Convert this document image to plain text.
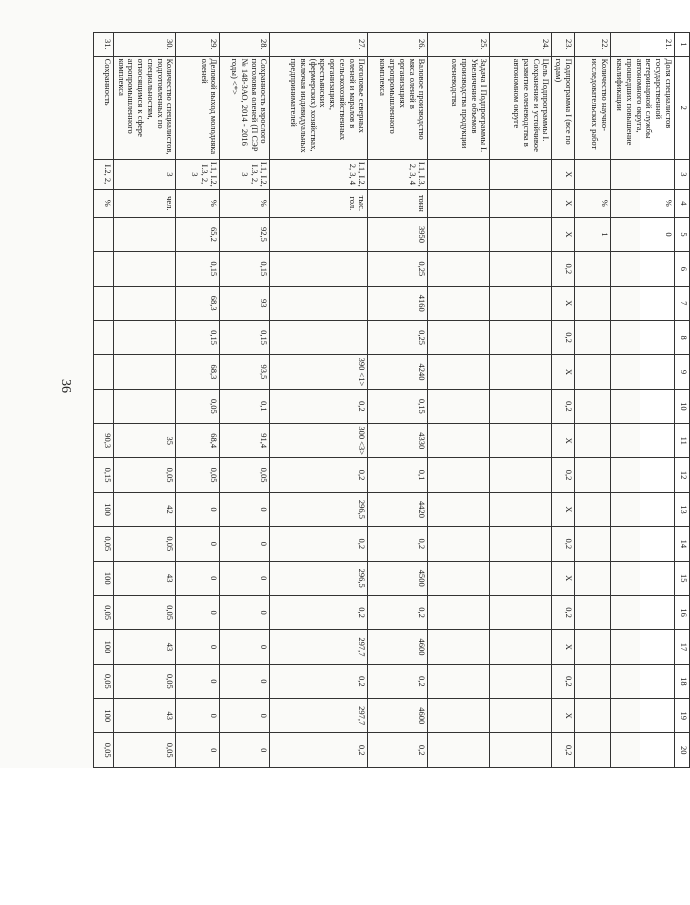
36
1	2	3	4	5	6	7	8	9	10	11	12	13	14	15	16	17	18	19	20
21.	Доля специалистов государственной ветеринарной службы автономного округа, прошедших повышение квалификации		%	0															
22.	Количество научно-исследовательских работ		%	1															
23.	Подпрограмма I (все по годам)	X	X	X	0,2	X	0,2	X	0,2	X	0,2	X	0,2	X	0,2	X	0,2	X	0,2
24.	Цель Подпрограммы I. Сохранение и устойчивое развитие оленеводства в автономном округе																		
25.	Задача I Подпрограммы I. Увеличение объемов производства продукции оленеводства																		
26.	Валовое производство мяса оленей в организациях агропромышленного комплекса	I.1, I.3, 2, 3, 4	тонн	3950	0,25	4160	0,25	4240	0,15	4330	0,1	4420	0,2	4500	0,2	4600	0,2	4600	0,2
27.	Поголовье северных оленей и маралов в сельскохозяйственных организациях, крестьянских (фермерских) хозяйствах, включая индивидуальных предпринимателей	I.1, I.2, 2, 3, 4	тыс. гол.					390 <1>	0,2	300 <3>	0,2	296,5	0,2	296,5	0,2	297,7	0,2	297,7	0,2
28.	Сохранность взрослого поголовья оленей (П СЭР № 148-ЗАО, 2014 - 2016 годы) <*>	I.1, I.2, I.3, 2, 3	%	92,5	0,15	93	0,15	93,5	0,1	91,4	0,05	0	0	0	0	0	0	0	0
29.	Деловой выход молодняка оленей	I.1, I.2, I.3, 2, 3	%	65,2	0,15	68,3	0,15	68,3	0,05	68,4	0,05	0	0	0	0	0	0	0	0
30.	Количество специалистов, подготовленных по специальностям, относящимся к сфере агропромышленного комплекса	3	чел.							35	0,05	42	0,05	43	0,05	43	0,05	43	0,05
31.	Сохранность	I.2, 2,	%							90,3	0,15	100	0,05	100	0,05	100	0,05	100	0,05
